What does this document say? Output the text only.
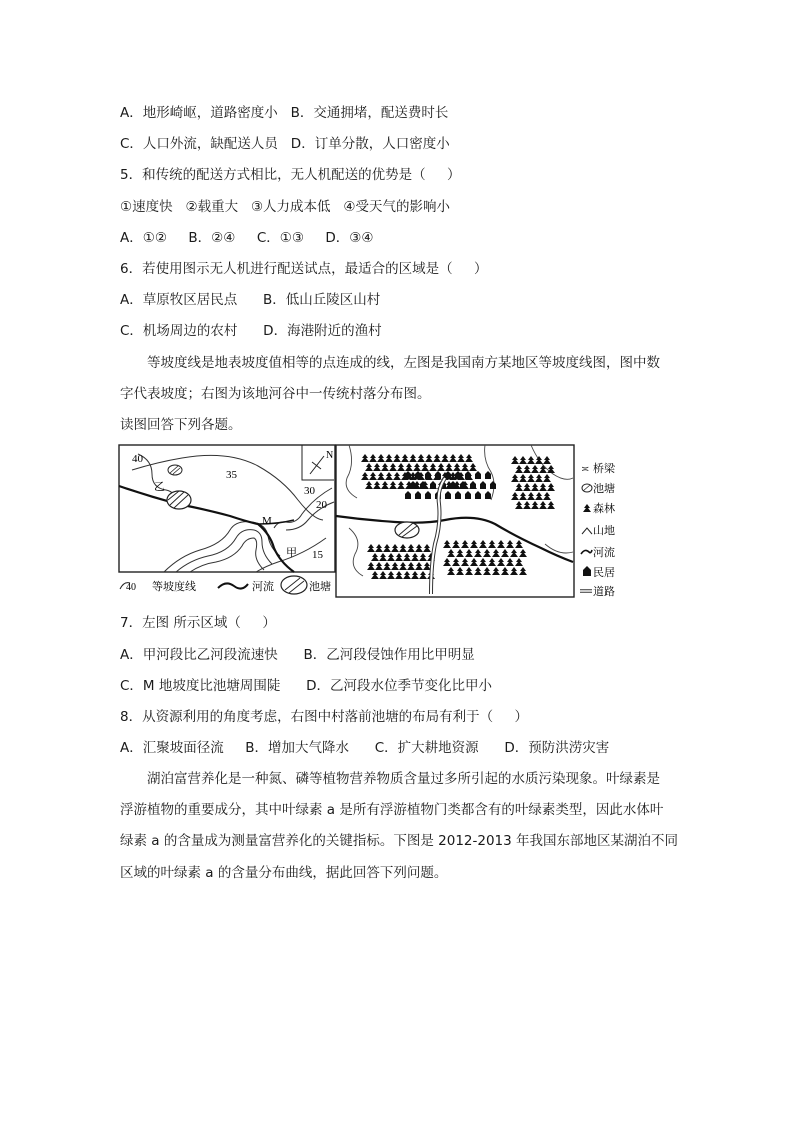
A．地形崎岖，道路密度小   B．交通拥堵，配送费时长
C．人口外流，缺配送人员   D．订单分散，人口密度小
5．和传统的配送方式相比，无人机配送的优势是（     ）
①速度快   ②载重大   ③人力成本低   ④受天气的影响小
A．①②     B．②④     C．①③     D．③④
6．若使用图示无人机进行配送试点，最适合的区域是（     ）
A．草原牧区居民点      B．低山丘陵区山村
C．机场周边的农村      D．海港附近的渔村
等坡度线是地表坡度值相等的点连成的线，左图是我国南方某地区等坡度线图，图中数
字代表坡度；右图为该地河谷中一传统村落分布图。
读图回答下列各题。
N
40
35
30
20
15
M
甲
乙
40 等坡度线	河流	池塘
≍ 桥梁
池塘
森林
山地
河流
民居
道路
7．左图 所示区域（     ）
A．甲河段比乙河段流速快      B．乙河段侵蚀作用比甲明显
C．M 地坡度比池塘周围陡      D．乙河段水位季节变化比甲小
8．从资源利用的角度考虑，右图中村落前池塘的布局有利于（     ）
A．汇聚坡面径流     B．增加大气降水      C．扩大耕地资源      D．预防洪涝灾害
湖泊富营养化是一种氮、磷等植物营养物质含量过多所引起的水质污染现象。叶绿素是
浮游植物的重要成分，其中叶绿素 a 是所有浮游植物门类都含有的叶绿素类型，因此水体叶
绿素 a 的含量成为测量富营养化的关键指标。下图是 2012-2013 年我国东部地区某湖泊不同
区域的叶绿素 a 的含量分布曲线，据此回答下列问题。
